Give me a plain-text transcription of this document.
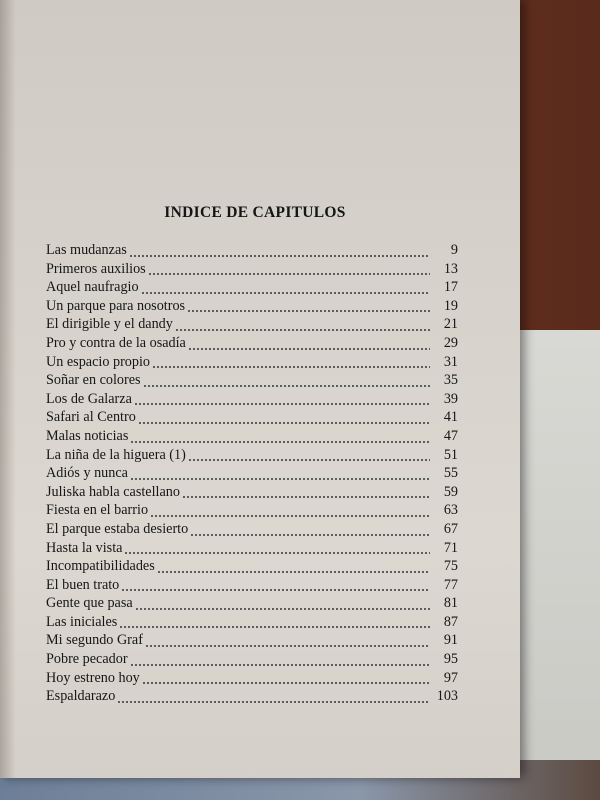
INDICE DE CAPITULOS
Las mudanzas	9
Primeros auxilios	13
Aquel naufragio	17
Un parque para nosotros	19
El dirigible y el dandy	21
Pro y contra de la osadía	29
Un espacio propio	31
Soñar en colores	35
Los de Galarza	39
Safari al Centro	41
Malas noticias	47
La niña de la higuera (1)	51
Adiós y nunca	55
Juliska habla castellano	59
Fiesta en el barrio	63
El parque estaba desierto	67
Hasta la vista	71
Incompatibilidades	75
El buen trato	77
Gente que pasa	81
Las iniciales	87
Mi segundo Graf	91
Pobre pecador	95
Hoy estreno hoy	97
Espaldarazo	103
